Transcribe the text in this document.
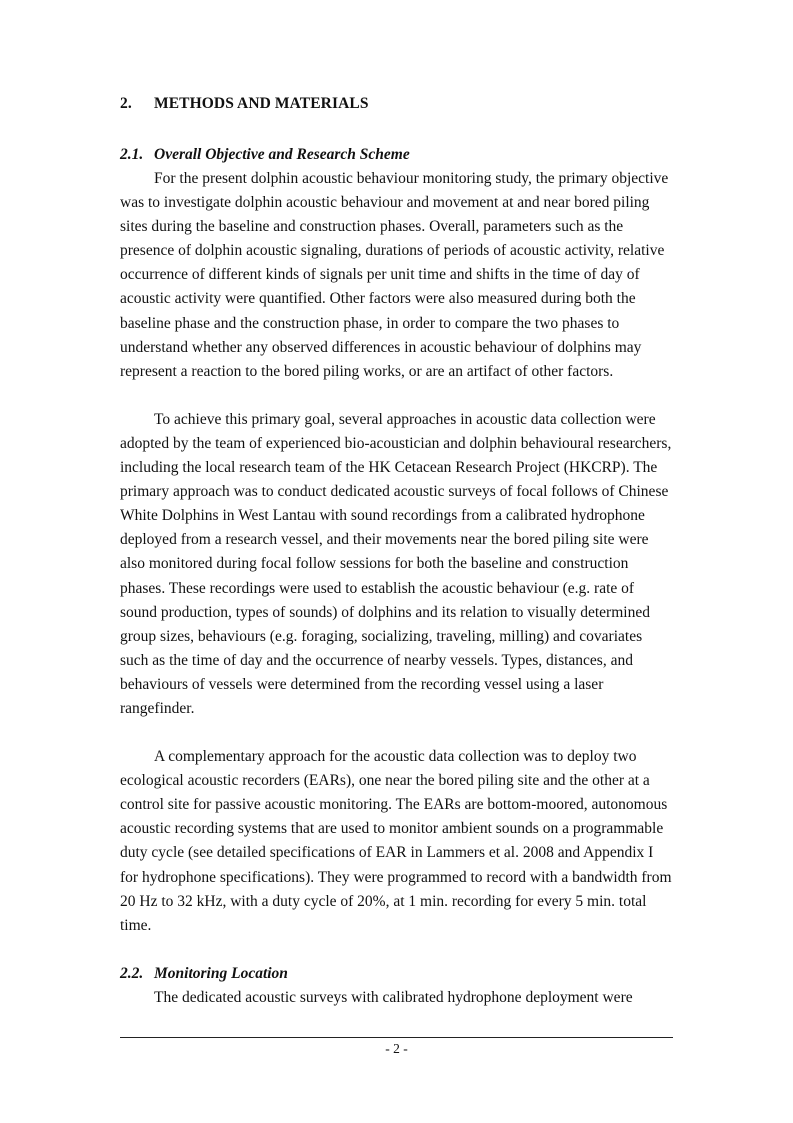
2. METHODS AND MATERIALS
2.1. Overall Objective and Research Scheme

For the present dolphin acoustic behaviour monitoring study, the primary objective was to investigate dolphin acoustic behaviour and movement at and near bored piling sites during the baseline and construction phases. Overall, parameters such as the presence of dolphin acoustic signaling, durations of periods of acoustic activity, relative occurrence of different kinds of signals per unit time and shifts in the time of day of acoustic activity were quantified. Other factors were also measured during both the baseline phase and the construction phase, in order to compare the two phases to understand whether any observed differences in acoustic behaviour of dolphins may represent a reaction to the bored piling works, or are an artifact of other factors.

To achieve this primary goal, several approaches in acoustic data collection were adopted by the team of experienced bio-acoustician and dolphin behavioural researchers, including the local research team of the HK Cetacean Research Project (HKCRP). The primary approach was to conduct dedicated acoustic surveys of focal follows of Chinese White Dolphins in West Lantau with sound recordings from a calibrated hydrophone deployed from a research vessel, and their movements near the bored piling site were also monitored during focal follow sessions for both the baseline and construction phases. These recordings were used to establish the acoustic behaviour (e.g. rate of sound production, types of sounds) of dolphins and its relation to visually determined group sizes, behaviours (e.g. foraging, socializing, traveling, milling) and covariates such as the time of day and the occurrence of nearby vessels. Types, distances, and behaviours of vessels were determined from the recording vessel using a laser rangefinder.

A complementary approach for the acoustic data collection was to deploy two ecological acoustic recorders (EARs), one near the bored piling site and the other at a control site for passive acoustic monitoring. The EARs are bottom-moored, autonomous acoustic recording systems that are used to monitor ambient sounds on a programmable duty cycle (see detailed specifications of EAR in Lammers et al. 2008 and Appendix I for hydrophone specifications). They were programmed to record with a bandwidth from 20 Hz to 32 kHz, with a duty cycle of 20%, at 1 min. recording for every 5 min. total time.

2.2. Monitoring Location

The dedicated acoustic surveys with calibrated hydrophone deployment were

- 2 -
